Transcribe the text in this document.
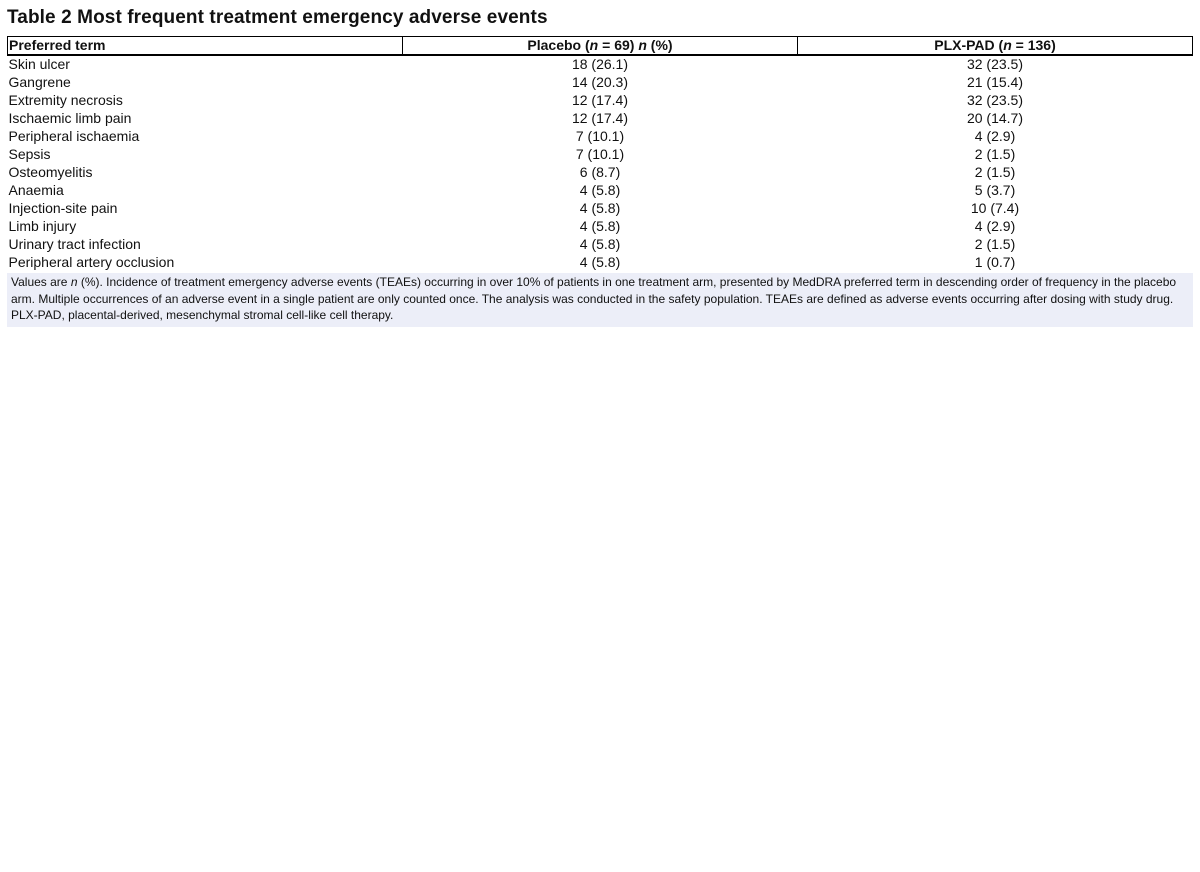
Table 2 Most frequent treatment emergency adverse events
Preferred term	Placebo (n = 69) n (%)	PLX-PAD (n = 136)
Skin ulcer	18 (26.1)	32 (23.5)
Gangrene	14 (20.3)	21 (15.4)
Extremity necrosis	12 (17.4)	32 (23.5)
Ischaemic limb pain	12 (17.4)	20 (14.7)
Peripheral ischaemia	7 (10.1)	4 (2.9)
Sepsis	7 (10.1)	2 (1.5)
Osteomyelitis	6 (8.7)	2 (1.5)
Anaemia	4 (5.8)	5 (3.7)
Injection-site pain	4 (5.8)	10 (7.4)
Limb injury	4 (5.8)	4 (2.9)
Urinary tract infection	4 (5.8)	2 (1.5)
Peripheral artery occlusion	4 (5.8)	1 (0.7)
Values are n (%). Incidence of treatment emergency adverse events (TEAEs) occurring in over 10% of patients in one treatment arm, presented by MedDRA preferred term in descending order of frequency in the placebo arm. Multiple occurrences of an adverse event in a single patient are only counted once. The analysis was conducted in the safety population. TEAEs are defined as adverse events occurring after dosing with study drug. PLX-PAD, placental-derived, mesenchymal stromal cell-like cell therapy.
